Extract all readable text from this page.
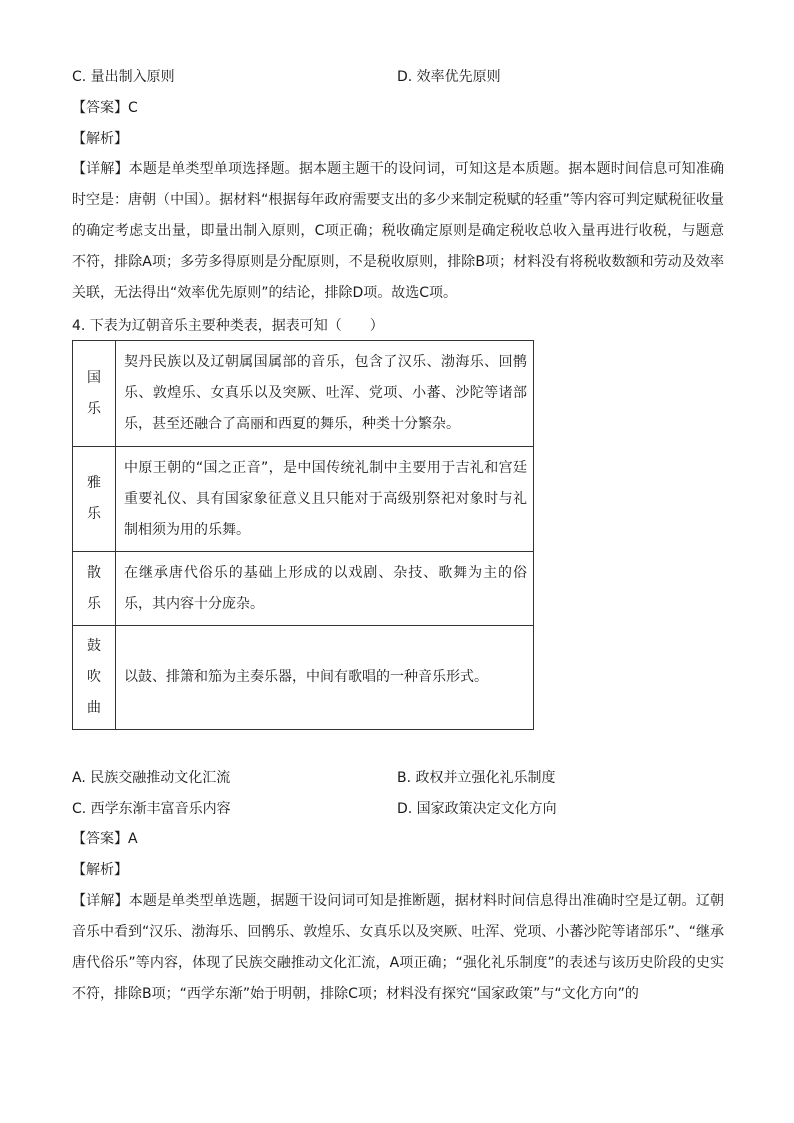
C. 量出制入原则	D. 效率优先原则
【答案】C
【解析】
【详解】本题是单类型单项选择题。据本题主题干的设问词，可知这是本质题。据本题时间信息可知准确时空是：唐朝（中国）。据材料“根据每年政府需要支出的多少来制定税赋的轻重”等内容可判定赋税征收量的确定考虑支出量，即量出制入原则，C项正确；税收确定原则是确定税收总收入量再进行收税，与题意不符，排除A项；多劳多得原则是分配原则，不是税收原则，排除B项；材料没有将税收数额和劳动及效率关联，无法得出“效率优先原则”的结论，排除D项。故选C项。
4. 下表为辽朝音乐主要种类表，据表可知（　　）
国
乐	契丹民族以及辽朝属国属部的音乐，包含了汉乐、渤海乐、回鹘乐、敦煌乐、女真乐以及突厥、吐浑、党项、小蕃、沙陀等诸部乐，甚至还融合了高丽和西夏的舞乐，种类十分繁杂。

雅
乐	中原王朝的“国之正音”，是中国传统礼制中主要用于吉礼和宫廷重要礼仪、具有国家象征意义且只能对于高级别祭祀对象时与礼制相须为用的乐舞。

散
乐	在继承唐代俗乐的基础上形成的以戏剧、杂技、歌舞为主的俗乐，其内容十分庞杂。

鼓
吹
曲	以鼓、排箫和笳为主奏乐器，中间有歌唱的一种音乐形式。
A. 民族交融推动文化汇流	B. 政权并立强化礼乐制度
C. 西学东渐丰富音乐内容	D. 国家政策决定文化方向
【答案】A
【解析】
【详解】本题是单类型单选题，据题干设问词可知是推断题，据材料时间信息得出准确时空是辽朝。辽朝音乐中看到“汉乐、渤海乐、回鹘乐、敦煌乐、女真乐以及突厥、吐浑、党项、小蕃沙陀等诸部乐”、“继承唐代俗乐”等内容，体现了民族交融推动文化汇流，A项正确；“强化礼乐制度”的表述与该历史阶段的史实不符，排除B项；“西学东渐”始于明朝，排除C项；材料没有探究“国家政策”与“文化方向”的
